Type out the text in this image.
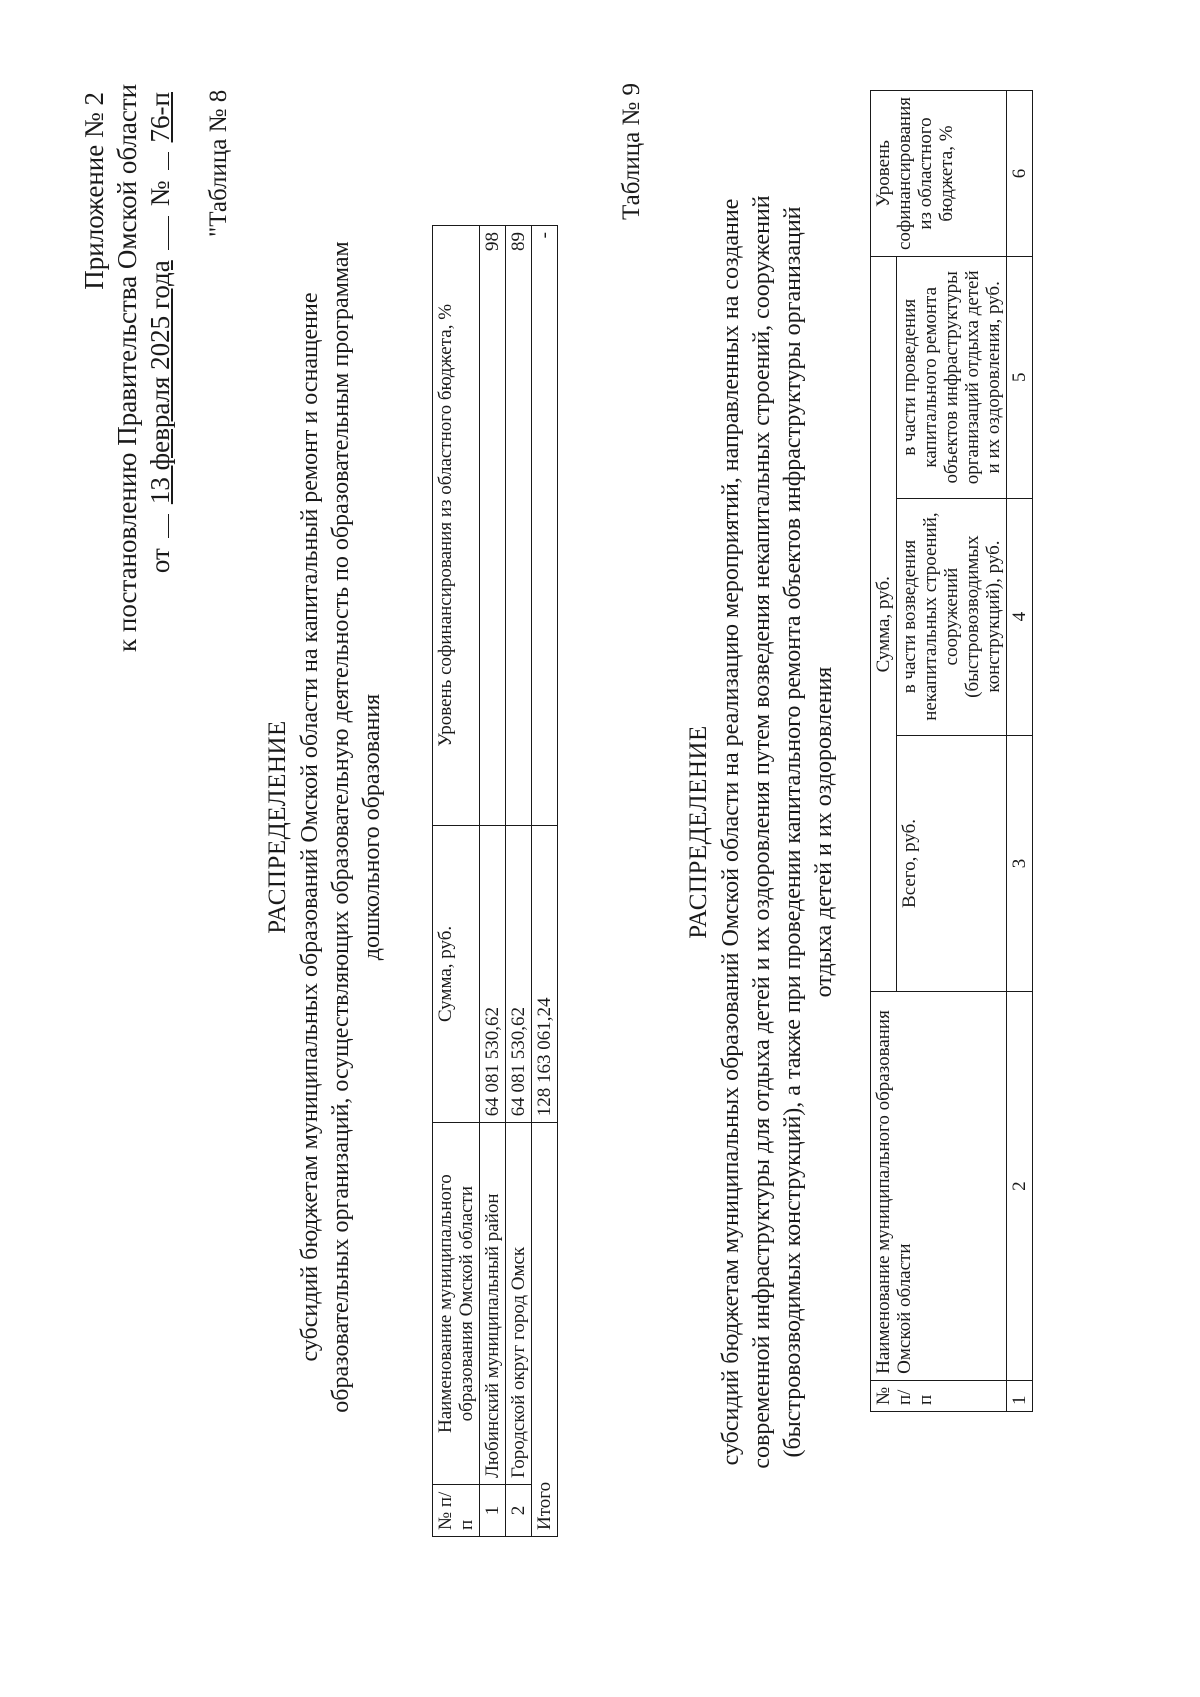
Приложение № 2 к постановлению Правительства Омской области от
13 февраля 2025 года
№
76-п "Таблица № 8
РАСПРЕДЕЛЕНИЕ субсидий бюджетам муниципальных образований Омской области на капитальный ремонт и оснащение образовательных организаций, осуществляющих образовательную деятельность по образовательным программам дошкольного образования
№ п/п	Наименование муниципального образования Омской области	Сумма, руб.	Уровень софинансирования из областного бюджета, %
1	Любинский муниципальный район	64 081 530,62	98
2	Городской округ город Омск	64 081 530,62	89
Итого		128 163 061,24	-
Таблица № 9
РАСПРЕДЕЛЕНИЕ субсидий бюджетам муниципальных образований Омской области на реализацию мероприятий, направленных на создание современной инфраструктуры для отдыха детей и их оздоровления путем возведения некапитальных строений, сооружений (быстровозводимых конструкций), а также при проведении капитального ремонта объектов инфраструктуры организаций отдыха детей и их оздоровления
№ п/п	Наименование муниципального образования Омской области	Сумма, руб.			Уровень софинансирования из областного бюджета, %
		Всего, руб.	в части возведения некапитальных строений, сооружений (быстровозводимых конструкций), руб.	в части проведения капитального ремонта объектов инфраструктуры организаций отдыха детей и их оздоровления, руб.	
1	2	3	4	5	6
